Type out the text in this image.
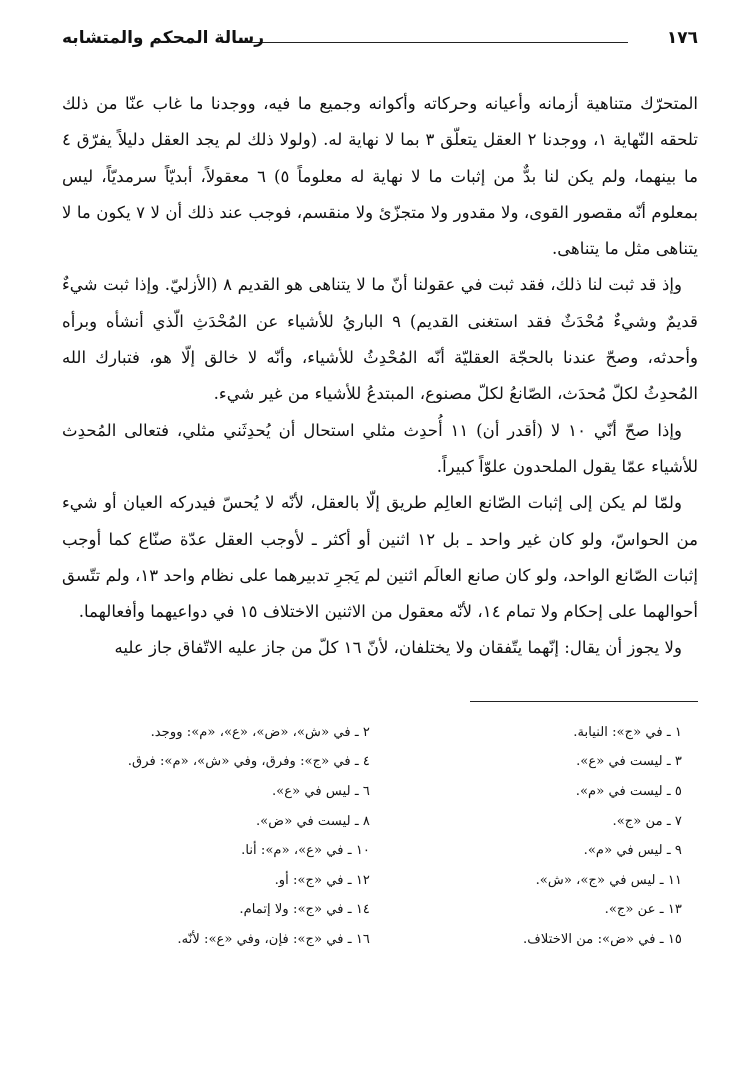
١٧٦
رسالة المحكم والمتشابه

المتحرّك متناهية أزمانه وأعيانه وحركاته وأكوانه وجميع ما فيه، ووجدنا ما غاب عنّا من ذلك تلحقه النّهاية ١، ووجدنا ٢ العقل يتعلّق ٣ بما لا نهاية له. (ولولا ذلك لم يجد العقل دليلاً يفرّق ٤ ما بينهما، ولم يكن لنا بدٌّ من إثبات ما لا نهاية له معلوماً ٥) ٦ معقولاً، أبديّاً سرمديّاً، ليس بمعلوم أنّه مقصور القوى، ولا مقدور ولا متجزّئ ولا منقسم، فوجب عند ذلك أن لا ٧ يكون ما لا يتناهى مثل ما يتناهى.

وإذ قد ثبت لنا ذلك، فقد ثبت في عقولنا أنّ ما لا يتناهى هو القديم ٨ (الأزليّ. وإذا ثبت شيءٌ قديمٌ وشيءٌ مُحْدَثٌ فقد استغنى القديم) ٩ الباريُ للأشياء عن المُحْدَثِ الّذي أنشأه وبرأه وأحدثه، وصحّ عندنا بالحجّة العقليّة أنّه المُحْدِثُ للأشياء، وأنّه لا خالق إلّا هو، فتبارك الله المُحدِثُ لكلّ مُحدَث، الصّانعُ لكلّ مصنوع، المبتدعُ للأشياء من غير شيء.

وإذا صحّ أنّي ١٠ لا (أقدر أن) ١١ أُحدِث مثلي استحال أن يُحدِثَني مثلي، فتعالى المُحدِث للأشياء عمّا يقول الملحدون علوّاً كبيراً.

ولمّا لم يكن إلى إثبات الصّانع العالِم طريق إلّا بالعقل، لأنّه لا يُحسّ فيدركه العيان أو شيء من الحواسّ، ولو كان غير واحد ـ بل ١٢ اثنين أو أكثر ـ لأوجب العقل عدّة صنّاع كما أوجب إثبات الصّانع الواحد، ولو كان صانع العالَم اثنين لم يَجرِ تدبيرهما على نظام واحد ١٣، ولم تتّسق أحوالهما على إحكام ولا تمام ١٤، لأنّه معقول من الاثنين الاختلاف ١٥ في دواعيهما وأفعالهما.

ولا يجوز أن يقال: إنّهما يتّفقان ولا يختلفان، لأنّ ١٦ كلّ من جاز عليه الاتّفاق جاز عليه

١ ـ في «ج»: النيابة.
٢ ـ في «ش»، «ض»، «ع»، «م»: ووجد.
٣ ـ ليست في «ع».
٤ ـ في «ج»: وفرق، وفي «ش»، «م»: فرق.
٥ ـ ليست في «م».
٦ ـ ليس في «ع».
٧ ـ من «ج».
٨ ـ ليست في «ض».
٩ ـ ليس في «م».
١٠ ـ في «ع»، «م»: أنا.
١١ ـ ليس في «ج»، «ش».
١٢ ـ في «ج»: أو.
١٣ ـ عن «ج».
١٤ ـ في «ج»: ولا إتمام.
١٥ ـ في «ض»: من الاختلاف.
١٦ ـ في «ج»: فإن، وفي «ع»: لأنّه.
